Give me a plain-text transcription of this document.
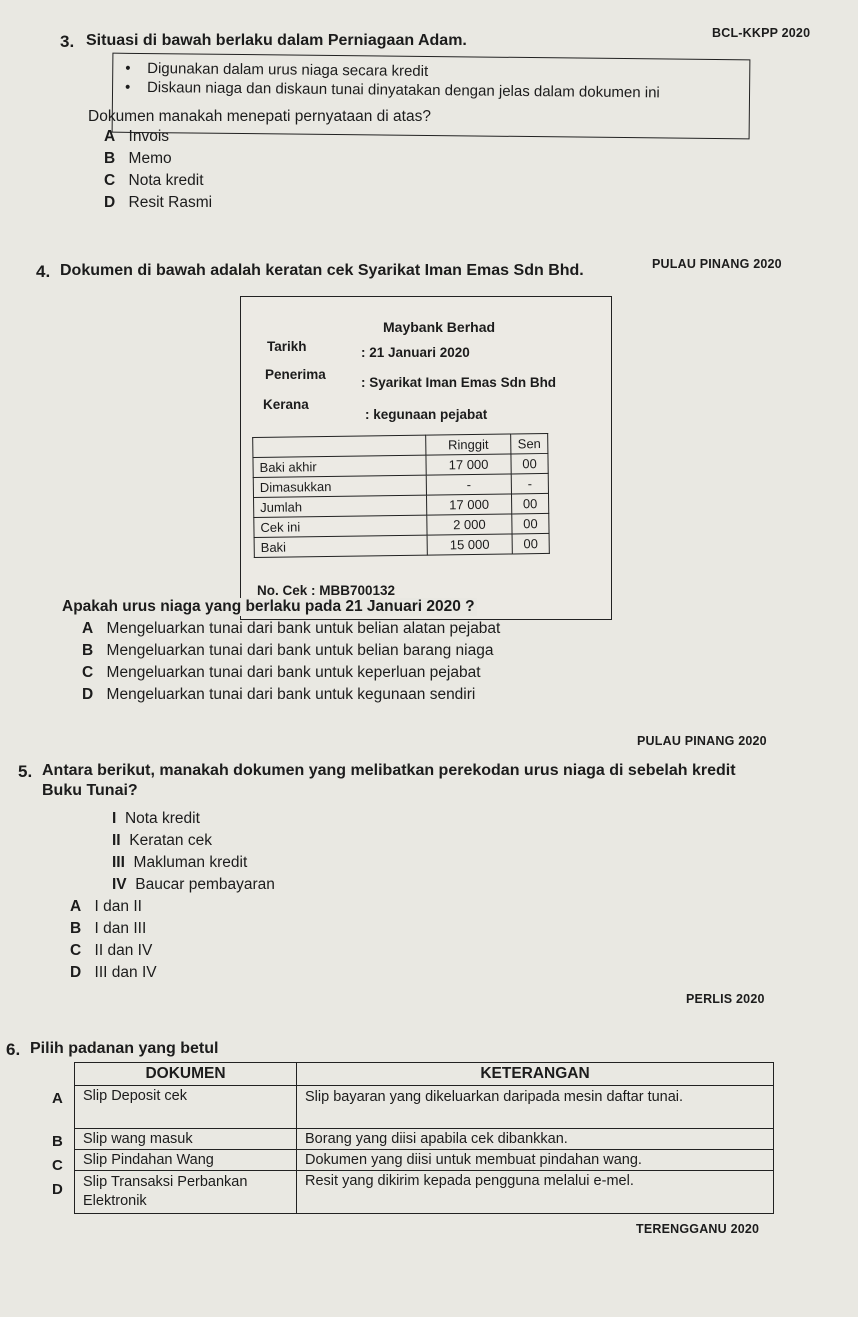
BCL-KKPP 2020
3. Situasi di bawah berlaku dalam Perniagaan Adam.
•    Digunakan dalam urus niaga secara kredit
•    Diskaun niaga dan diskaun tunai dinyatakan dengan jelas dalam dokumen ini
Dokumen manakah menepati pernyataan di atas?
A Invois
B Memo
C Nota kredit
D Resit Rasmi
PULAU PINANG 2020
4. Dokumen di bawah adalah keratan cek Syarikat Iman Emas Sdn Bhd.
Maybank Berhad
Tarikh	: 21 Januari 2020
Penerima
: Syarikat Iman Emas Sdn Bhd
Kerana
: kegunaan pejabat
	Ringgit	Sen
Baki akhir	17 000	00
Dimasukkan	-	-
Jumlah	17 000	00
Cek ini	2 000	00
Baki	15 000	00
No. Cek : MBB700132
Apakah urus niaga yang berlaku pada 21 Januari 2020 ?
A Mengeluarkan tunai dari bank untuk belian alatan pejabat
B Mengeluarkan tunai dari bank untuk belian barang niaga
C Mengeluarkan tunai dari bank untuk keperluan pejabat
D Mengeluarkan tunai dari bank untuk kegunaan sendiri
PULAU PINANG 2020
5. Antara berikut, manakah dokumen yang melibatkan perekodan urus niaga di sebelah kredit
Buku Tunai?
I Nota kredit
II Keratan cek
III Makluman kredit
IV Baucar pembayaran
A I dan II
B I dan III
C II dan IV
D III dan IV
PERLIS 2020
6. Pilih padanan yang betul
A
B
C
D
DOKUMEN	KETERANGAN
Slip Deposit cek	Slip bayaran yang dikeluarkan daripada mesin daftar tunai.
Slip wang masuk	Borang yang diisi apabila cek dibankkan.
Slip Pindahan Wang	Dokumen yang diisi untuk membuat pindahan wang.
Slip Transaksi Perbankan Elektronik	Resit yang dikirim kepada pengguna melalui e-mel.
TERENGGANU 2020
